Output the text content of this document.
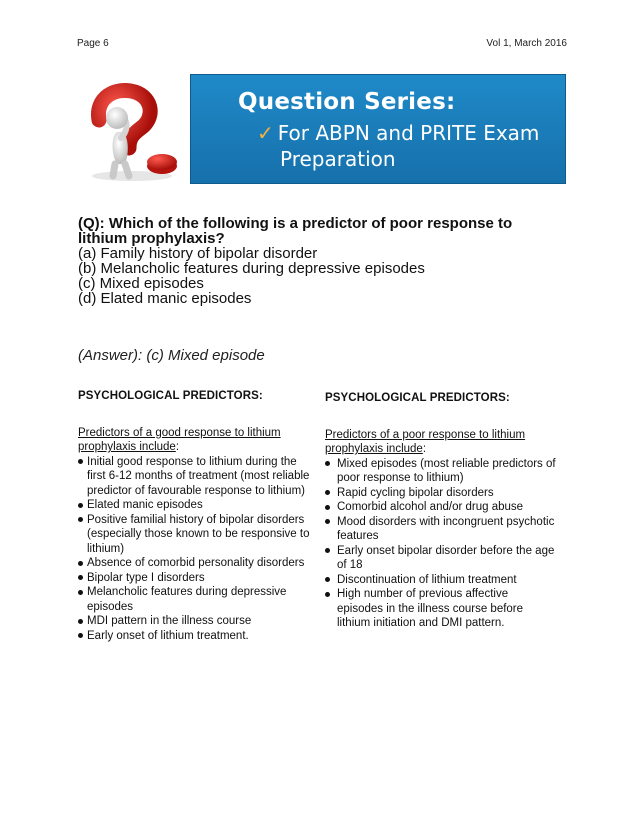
Page 6	Vol 1, March 2016
Question Series:
✓ For ABPN and PRITE Exam
Preparation
(Q): Which of the following is a predictor of poor response to
lithium prophylaxis?
(a) Family history of bipolar disorder
(b) Melancholic features during depressive episodes
(c) Mixed episodes
(d) Elated manic episodes
(Answer): (c) Mixed episode
PSYCHOLOGICAL PREDICTORS:
Predictors of a good response to lithium prophylaxis include:
Initial good response to lithium during the first 6-12 months of treatment (most reliable predictor of favourable response to lithium)
Elated manic episodes
Positive familial history of bipolar disorders (especially those known to be responsive to lithium)
Absence of comorbid personality disorders
Bipolar type I disorders
Melancholic features during depressive episodes
MDI pattern in the illness course
Early onset of lithium treatment.
PSYCHOLOGICAL PREDICTORS:
Predictors of a poor response to lithium prophylaxis include:
Mixed episodes (most reliable predictors of poor response to lithium)
Rapid cycling bipolar disorders
Comorbid alcohol and/or drug abuse
Mood disorders with incongruent psychotic features
Early onset bipolar disorder before the age of 18
Discontinuation of lithium treatment
High number of previous affective episodes in the illness course before lithium initiation and DMI pattern.
